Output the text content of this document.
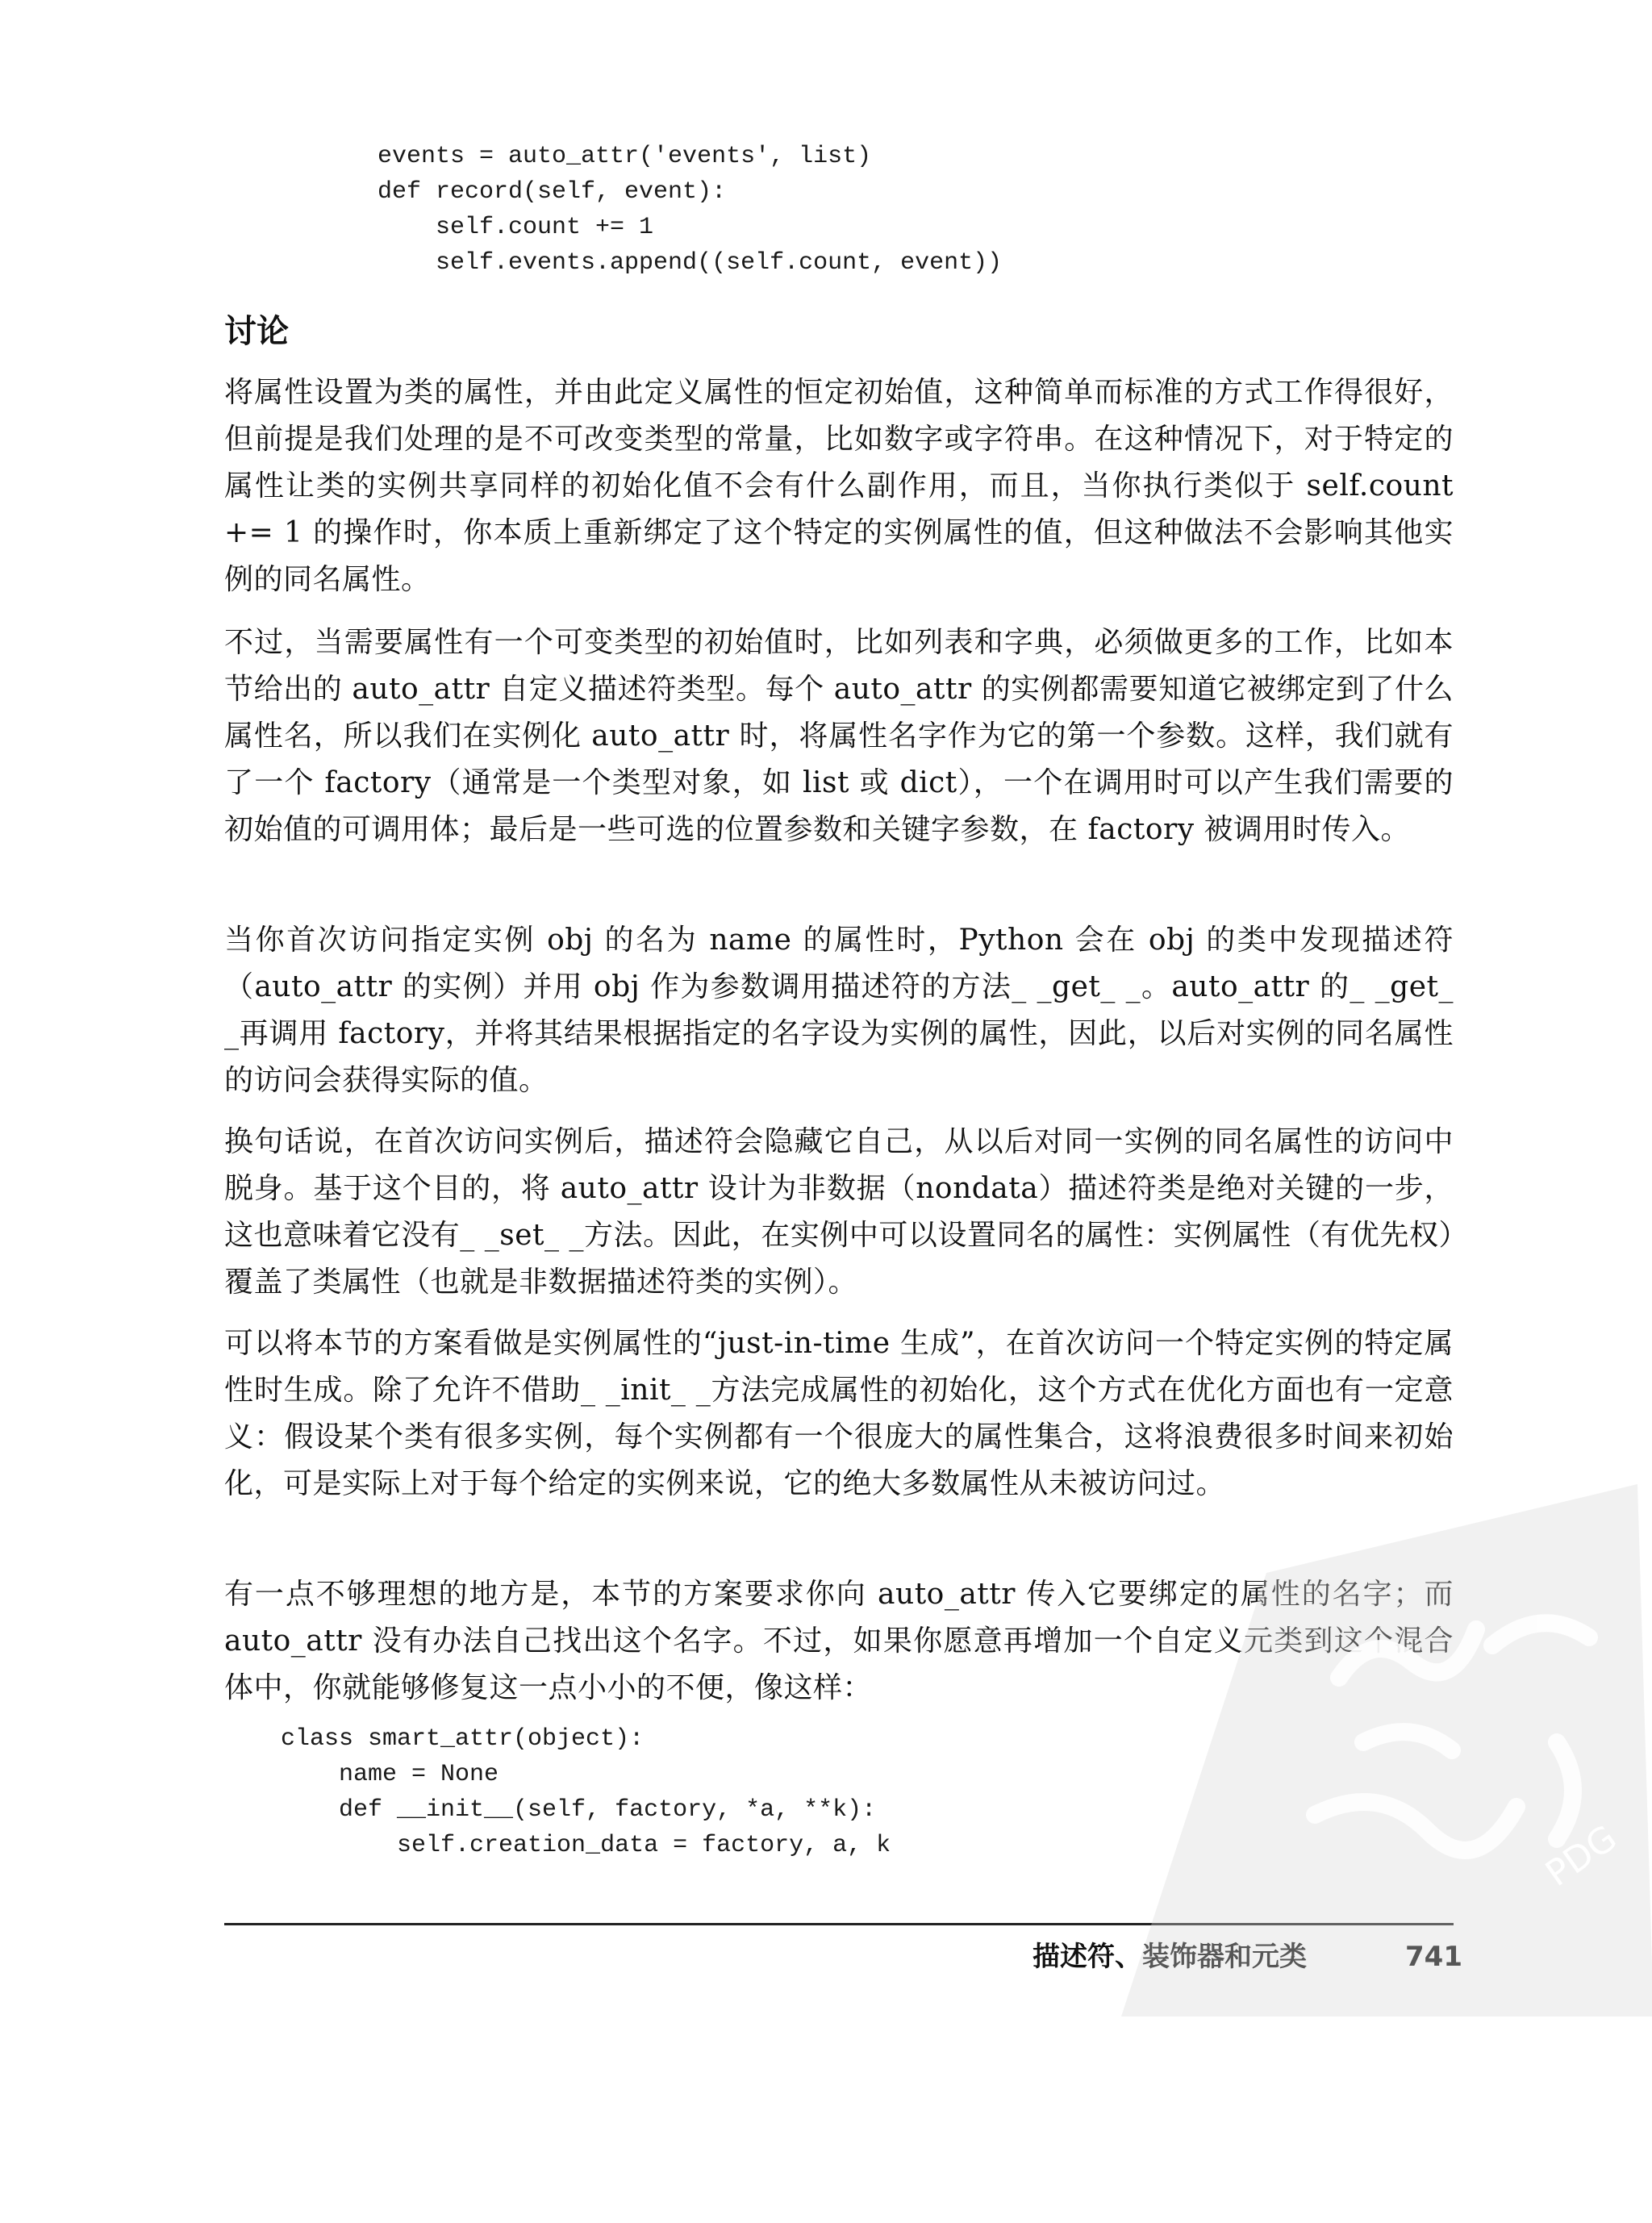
events = auto_attr('events', list)
def record(self, event):
self.count += 1
self.events.append((self.count, event))
讨论

将属性设置为类的属性，并由此定义属性的恒定初始值，这种简单而标准的方式工作得很好，但前提是我们处理的是不可改变类型的常量，比如数字或字符串。在这种情况下，对于特定的属性让类的实例共享同样的初始化值不会有什么副作用，而且，当你执行类似于 self.count += 1 的操作时，你本质上重新绑定了这个特定的实例属性的值，但这种做法不会影响其他实例的同名属性。

不过，当需要属性有一个可变类型的初始值时，比如列表和字典，必须做更多的工作，比如本节给出的 auto_attr 自定义描述符类型。每个 auto_attr 的实例都需要知道它被绑定到了什么属性名，所以我们在实例化 auto_attr 时，将属性名字作为它的第一个参数。这样，我们就有了一个 factory（通常是一个类型对象，如 list 或 dict），一个在调用时可以产生我们需要的初始值的可调用体；最后是一些可选的位置参数和关键字参数，在 factory 被调用时传入。

当你首次访问指定实例 obj 的名为 name 的属性时，Python 会在 obj 的类中发现描述符（auto_attr 的实例）并用 obj 作为参数调用描述符的方法_ _get_ _。auto_attr 的_ _get_ _再调用 factory，并将其结果根据指定的名字设为实例的属性，因此，以后对实例的同名属性的访问会获得实际的值。

换句话说，在首次访问实例后，描述符会隐藏它自己，从以后对同一实例的同名属性的访问中脱身。基于这个目的，将 auto_attr 设计为非数据（nondata）描述符类是绝对关键的一步，这也意味着它没有_ _set_ _方法。因此，在实例中可以设置同名的属性：实例属性（有优先权）覆盖了类属性（也就是非数据描述符类的实例）。

可以将本节的方案看做是实例属性的“just-in-time 生成”，在首次访问一个特定实例的特定属性时生成。除了允许不借助_ _init_ _方法完成属性的初始化，这个方式在优化方面也有一定意义：假设某个类有很多实例，每个实例都有一个很庞大的属性集合，这将浪费很多时间来初始化，可是实际上对于每个给定的实例来说，它的绝大多数属性从未被访问过。

有一点不够理想的地方是，本节的方案要求你向 auto_attr 传入它要绑定的属性的名字；而 auto_attr 没有办法自己找出这个名字。不过，如果你愿意再增加一个自定义元类到这个混合体中，你就能够修复这一点小小的不便，像这样：

class smart_attr(object):
name = None
def __init__(self, factory, *a, **k):
self.creation_data = factory, a, k
描述符、装饰器和元类	741
PDG
